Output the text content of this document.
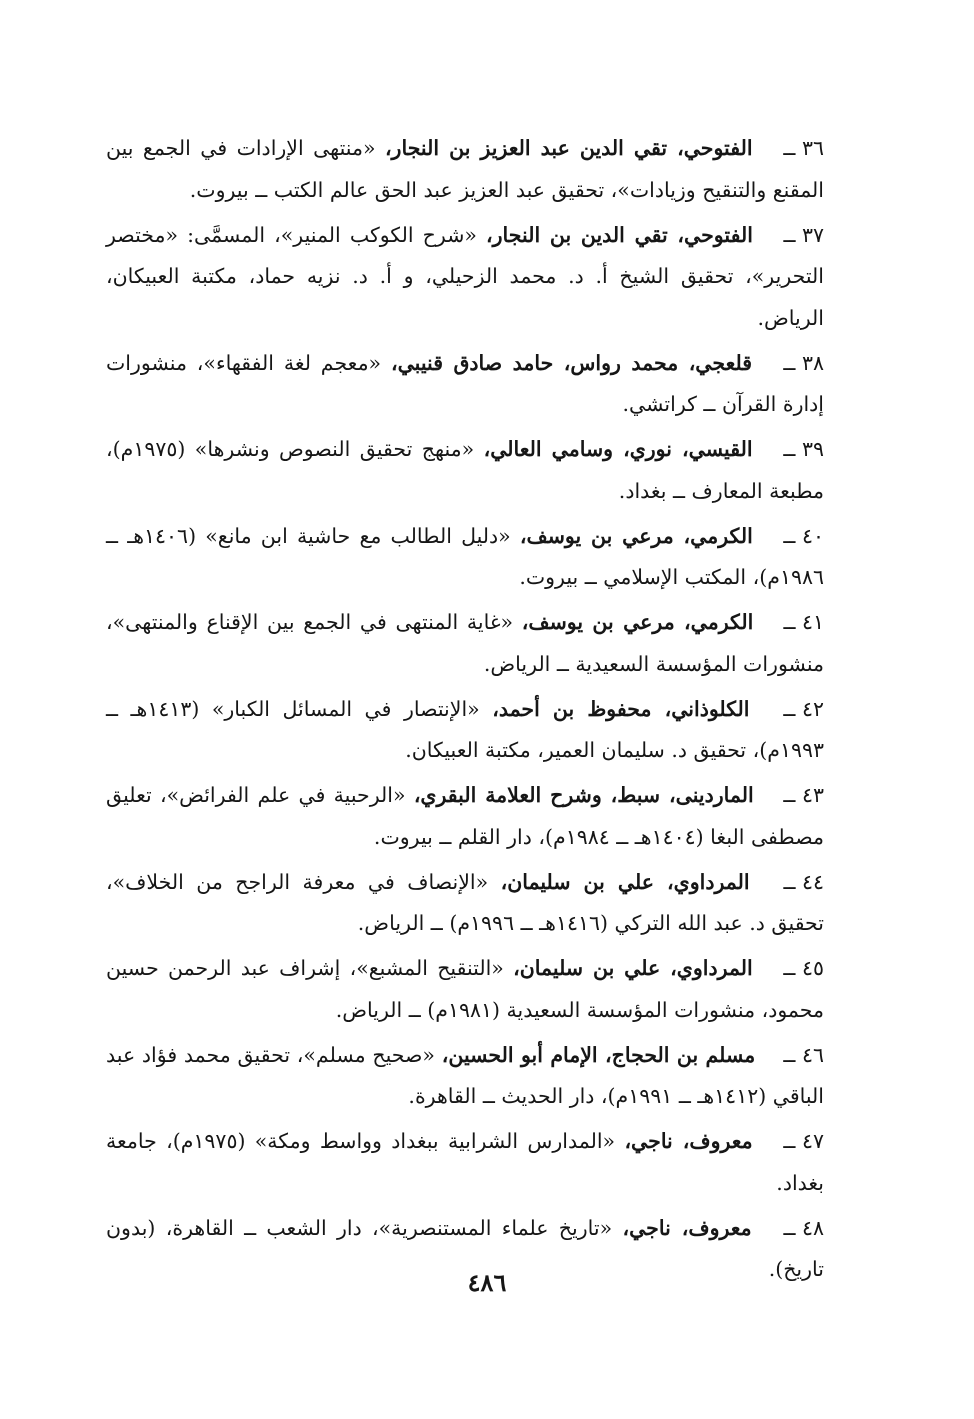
٣٦ ــ الفتوحي، تقي الدين عبد العزيز بن النجار، «منتهى الإرادات في الجمع بين المقنع والتنقيح وزيادات»، تحقيق عبد العزيز عبد الحق عالم الكتب ــ بيروت.
٣٧ ــ الفتوحي، تقي الدين بن النجار، «شرح الكوكب المنير»، المسمَّى: «مختصر التحرير»، تحقيق الشيخ أ. د. محمد الزحيلي، و أ. د. نزيه حماد، مكتبة العبيكان، الرياض.
٣٨ ــ قلعجي، محمد رواس، حامد صادق قنيبي، «معجم لغة الفقهاء»، منشورات إدارة القرآن ــ كراتشي.
٣٩ ــ القيسي، نوري، وسامي العالي، «منهج تحقيق النصوص ونشرها» (١٩٧٥م)، مطبعة المعارف ــ بغداد.
٤٠ ــ الكرمي، مرعي بن يوسف، «دليل الطالب مع حاشية ابن مانع» (١٤٠٦هـ ــ ١٩٨٦م)، المكتب الإسلامي ــ بيروت.
٤١ ــ الكرمي، مرعي بن يوسف، «غاية المنتهى في الجمع بين الإقناع والمنتهى»، منشورات المؤسسة السعيدية ــ الرياض.
٤٢ ــ الكلوذاني، محفوظ بن أحمد، «الإنتصار في المسائل الكبار» (١٤١٣هـ ــ ١٩٩٣م)، تحقيق د. سليمان العمير، مكتبة العبيكان.
٤٣ ــ الماردينى، سبط، وشرح العلامة البقري، «الرحبية في علم الفرائض»، تعليق مصطفى البغا (١٤٠٤هـ ــ ١٩٨٤م)، دار القلم ــ بيروت.
٤٤ ــ المرداوي، علي بن سليمان، «الإنصاف في معرفة الراجح من الخلاف»، تحقيق د. عبد الله التركي (١٤١٦هـ ــ ١٩٩٦م) ــ الرياض.
٤٥ ــ المرداوي، علي بن سليمان، «التنقيح المشبع»، إشراف عبد الرحمن حسين محمود، منشورات المؤسسة السعيدية (١٩٨١م) ــ الرياض.
٤٦ ــ مسلم بن الحجاج، الإمام أبو الحسين، «صحيح مسلم»، تحقيق محمد فؤاد عبد الباقي (١٤١٢هـ ــ ١٩٩١م)، دار الحديث ــ القاهرة.
٤٧ ــ معروف، ناجي، «المدارس الشرابية ببغداد وواسط ومكة» (١٩٧٥م)، جامعة بغداد.
٤٨ ــ معروف، ناجي، «تاريخ علماء المستنصرية»، دار الشعب ــ القاهرة، (بدون تاريخ).
٤٨٦
